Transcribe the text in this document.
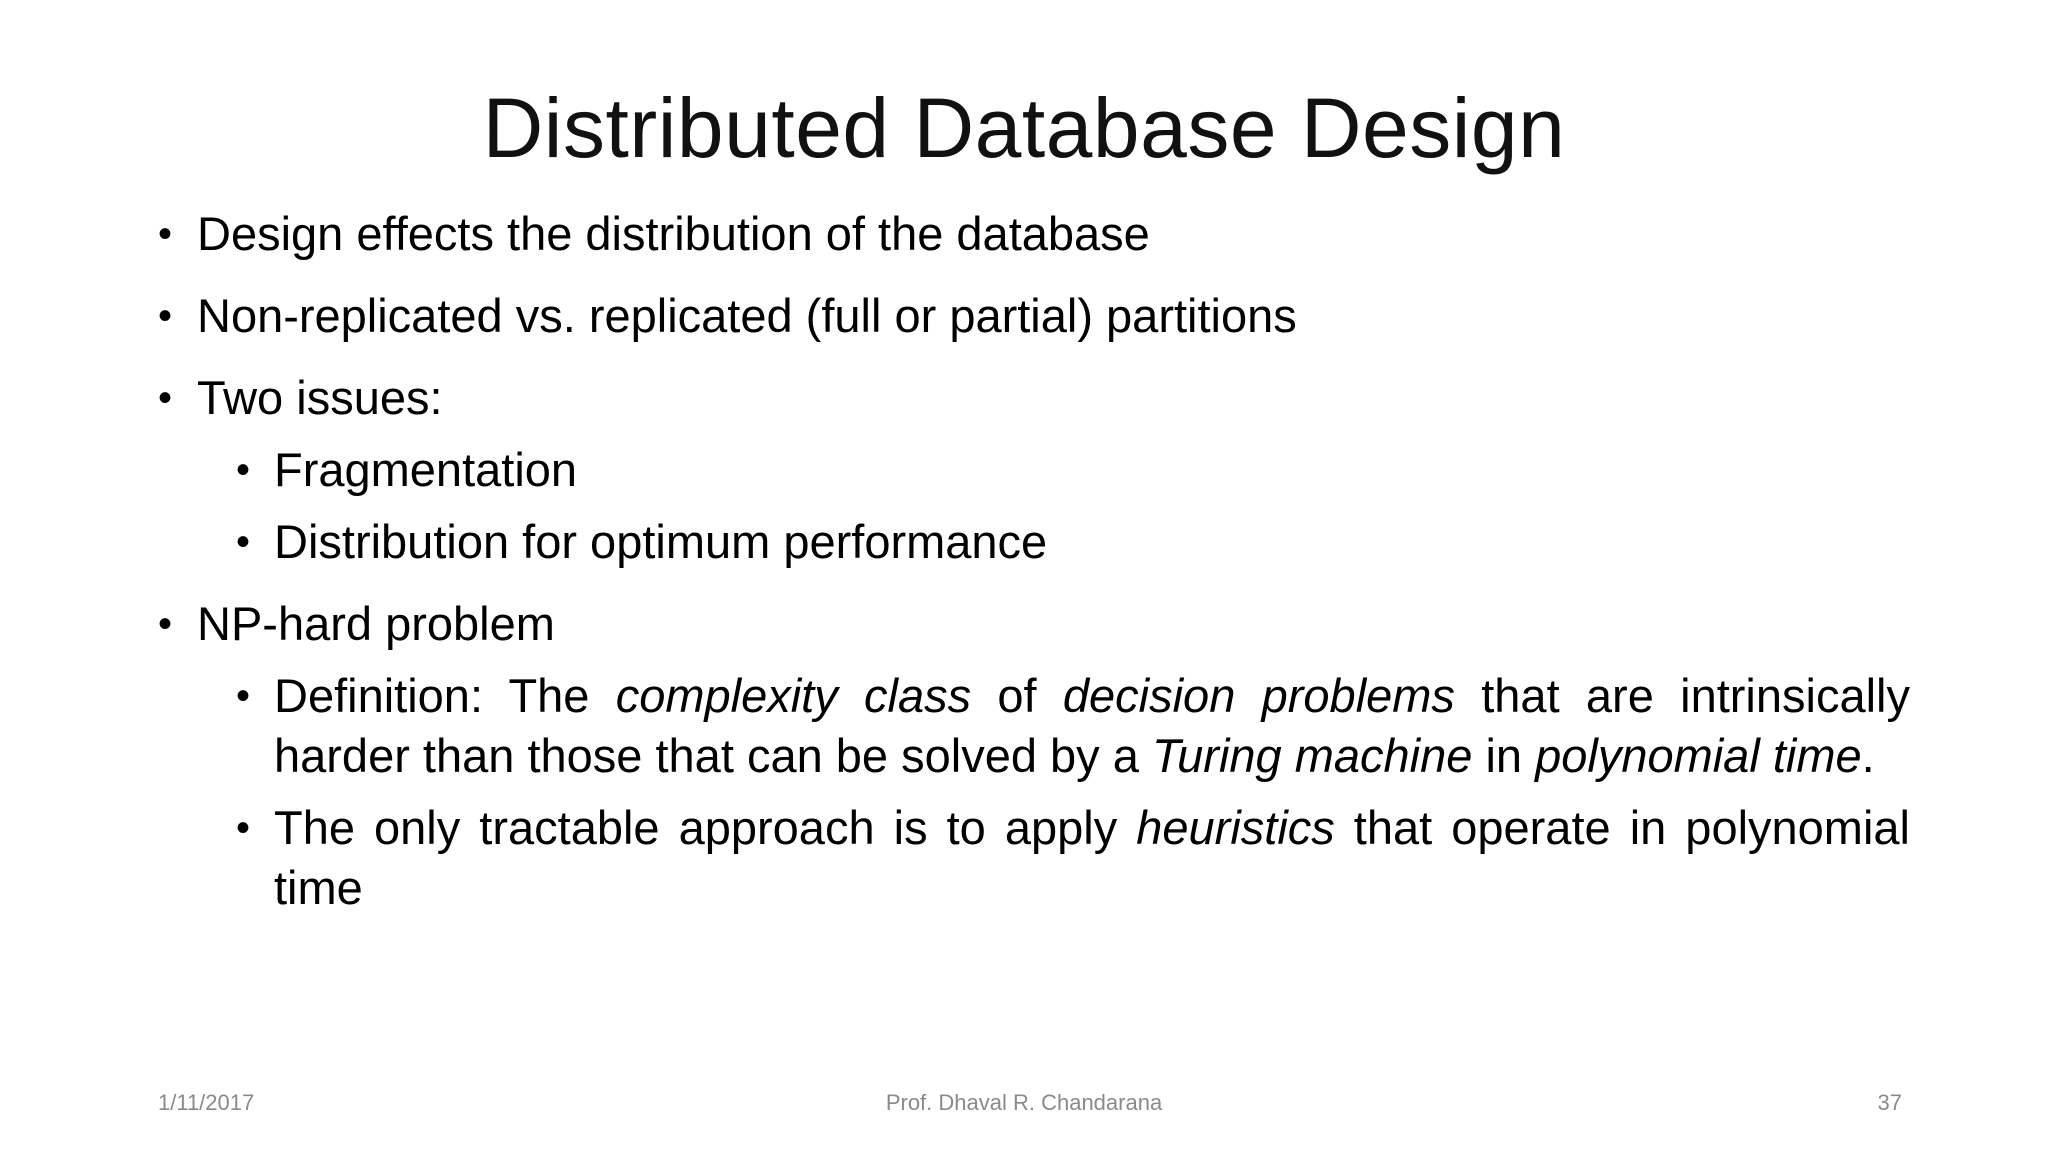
Distributed Database Design
• Design effects the distribution of the database
• Non-replicated vs. replicated (full or partial) partitions
• Two issues:
• Fragmentation
• Distribution for optimum performance
• NP-hard problem
• Definition: The complexity class of decision problems that are intrinsically harder than those that can be solved by a Turing machine in polynomial time.
• The only tractable approach is to apply heuristics that operate in polynomial time
1/11/2017	Prof. Dhaval R. Chandarana	37
